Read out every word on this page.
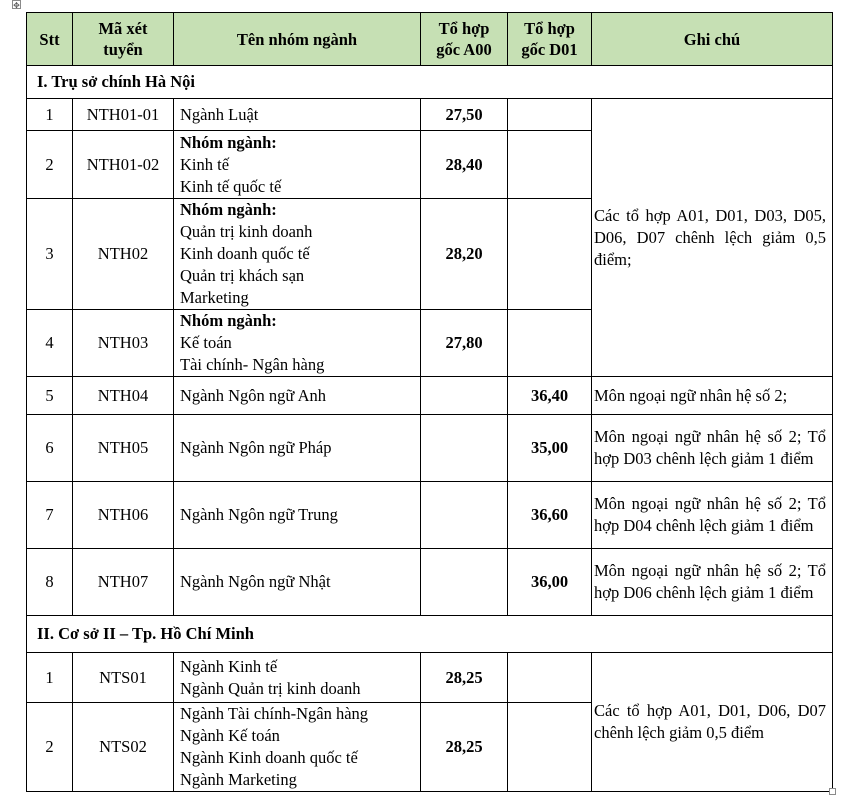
✥
Stt	Mã xét tuyển	Tên nhóm ngành	Tổ hợp gốc A00	Tổ hợp gốc D01	Ghi chú
I. Trụ sở chính Hà Nội					
1	NTH01-01	Ngành Luật	27,50		Các tổ hợp A01, D01, D03, D05, D06, D07 chênh lệch giảm 0,5 điểm;
2	NTH01-02	Nhóm ngành:
Kinh tế
Kinh tế quốc tế	28,40		
3	NTH02	Nhóm ngành:
Quản trị kinh doanh
Kinh doanh quốc tế
Quản trị khách sạn
Marketing	28,20		
4	NTH03	Nhóm ngành:
Kế toán
Tài chính- Ngân hàng	27,80		
5	NTH04	Ngành Ngôn ngữ Anh		36,40	Môn ngoại ngữ nhân hệ số 2;
6	NTH05	Ngành Ngôn ngữ Pháp		35,00	Môn ngoại ngữ nhân hệ số 2; Tổ hợp D03 chênh lệch giảm 1 điểm
7	NTH06	Ngành Ngôn ngữ Trung		36,60	Môn ngoại ngữ nhân hệ số 2; Tổ hợp D04 chênh lệch giảm 1 điểm
8	NTH07	Ngành Ngôn ngữ Nhật		36,00	Môn ngoại ngữ nhân hệ số 2; Tổ hợp D06 chênh lệch giảm 1 điểm
II. Cơ sở II – Tp. Hồ Chí Minh					
1	NTS01	Ngành Kinh tế
Ngành Quản trị kinh doanh	28,25		Các tổ hợp A01, D01, D06, D07 chênh lệch giảm 0,5 điểm
2	NTS02	Ngành Tài chính-Ngân hàng
Ngành Kế toán
Ngành Kinh doanh quốc tế
Ngành Marketing	28,25		
